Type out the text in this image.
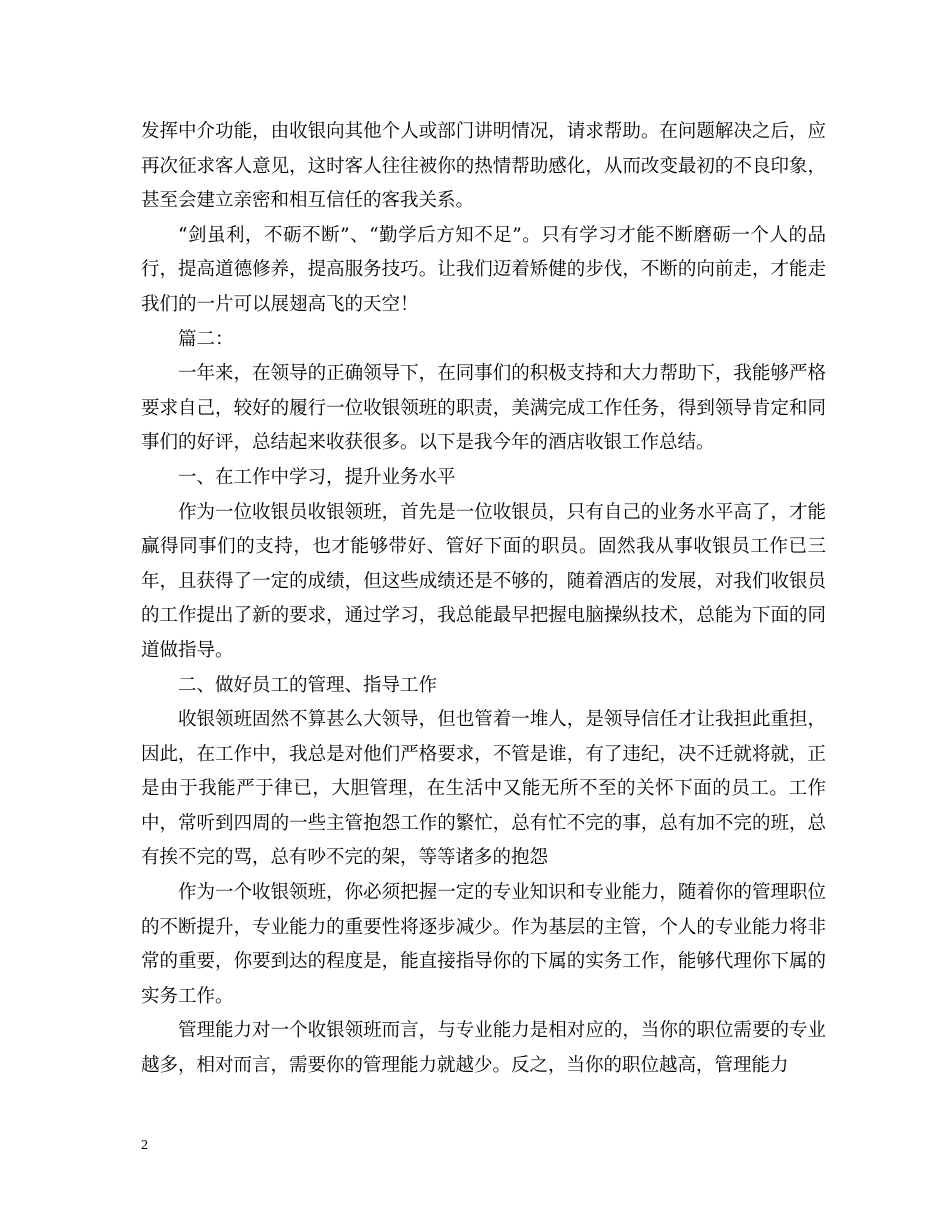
发挥中介功能，由收银向其他个人或部门讲明情况，请求帮助。在问题解决之后，应再次征求客人意见，这时客人往往被你的热情帮助感化，从而改变最初的不良印象，甚至会建立亲密和相互信任的客我关系。

“剑虽利，不砺不断”、“勤学后方知不足”。只有学习才能不断磨砺一个人的品行，提高道德修养，提高服务技巧。让我们迈着矫健的步伐，不断的向前走，才能走我们的一片可以展翅高飞的天空！

篇二：

一年来，在领导的正确领导下，在同事们的积极支持和大力帮助下，我能够严格要求自己，较好的履行一位收银领班的职责，美满完成工作任务，得到领导肯定和同事们的好评，总结起来收获很多。以下是我今年的酒店收银工作总结。

一、在工作中学习，提升业务水平

作为一位收银员收银领班，首先是一位收银员，只有自己的业务水平高了，才能赢得同事们的支持，也才能够带好、管好下面的职员。固然我从事收银员工作已三年，且获得了一定的成绩，但这些成绩还是不够的，随着酒店的发展，对我们收银员的工作提出了新的要求，通过学习，我总能最早把握电脑操纵技术，总能为下面的同道做指导。

二、做好员工的管理、指导工作

收银领班固然不算甚么大领导，但也管着一堆人，是领导信任才让我担此重担，因此，在工作中，我总是对他们严格要求，不管是谁，有了违纪，决不迁就将就，正是由于我能严于律已，大胆管理，在生活中又能无所不至的关怀下面的员工。工作中，常听到四周的一些主管抱怨工作的繁忙，总有忙不完的事，总有加不完的班，总有挨不完的骂，总有吵不完的架，等等诸多的抱怨

作为一个收银领班，你必须把握一定的专业知识和专业能力，随着你的管理职位的不断提升，专业能力的重要性将逐步减少。作为基层的主管，个人的专业能力将非常的重要，你要到达的程度是，能直接指导你的下属的实务工作，能够代理你下属的实务工作。

管理能力对一个收银领班而言，与专业能力是相对应的，当你的职位需要的专业越多，相对而言，需要你的管理能力就越少。反之，当你的职位越高，管理能力

2
